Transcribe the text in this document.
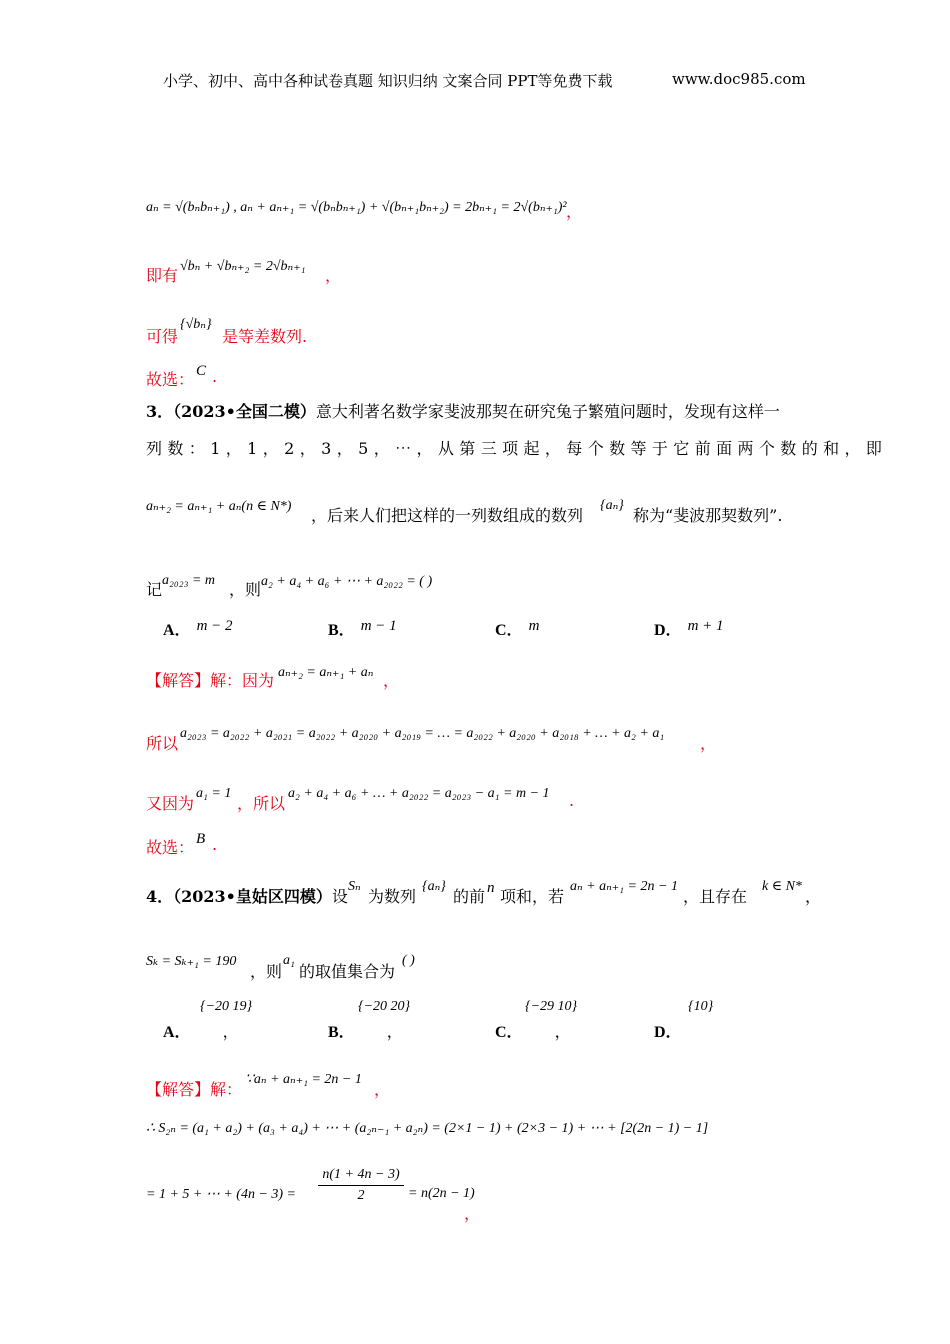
小学、初中、高中各种试卷真题 知识归纳 文案合同 PPT等免费下载	www.doc985.com
aₙ = √(bₙbₙ₊₁) , aₙ + aₙ₊₁ = √(bₙbₙ₊₁) + √(bₙ₊₁bₙ₊₂) = 2bₙ₊₁ = 2√(bₙ₊₁)² ，
即有 √bₙ + √bₙ₊₂ = 2√bₙ₊₁ ，
可得
{√bₙ}
是等差数列.
故选： C .
3．（2023•全国二模）意大利著名数学家斐波那契在研究兔子繁殖问题时，发现有这样一
列数：1，1，2，3，5，⋯，从第三项起，每个数等于它前面两个数的和，即
aₙ₊₂ = aₙ₊₁ + aₙ(n ∈ N*) ，后来人们把这样的一列数组成的数列
{aₙ}
称为“斐波那契数列”.
记 a₂₀₂₃ = m ，则 a₂ + a₄ + a₆ + ⋯ + a₂₀₂₂ = ( )
A． m − 2	B． m − 1	C． m	D． m + 1
【解答】解：因为 aₙ₊₂ = aₙ₊₁ + aₙ ，
所以
a₂₀₂₃ = a₂₀₂₂ + a₂₀₂₁ = a₂₀₂₂ + a₂₀₂₀ + a₂₀₁₉ = … = a₂₀₂₂ + a₂₀₂₀ + a₂₀₁₈ + … + a₂ + a₁
，
又因为
a₁ = 1
，所以
a₂ + a₄ + a₆ + … + a₂₀₂₂ = a₂₀₂₃ − a₁ = m − 1 .
故选： B .
4．（2023•皇姑区四模）设
Sₙ
为数列
{aₙ}
的前 n 项和，若
aₙ + aₙ₊₁ = 2n − 1
，且存在
k ∈ N*
，
Sₖ = Sₖ₊₁ = 190
，则
a₁
的取值集合为
( )
{−20 19}
A．	，
{−20 20}
B．	，
{−29 10}
C．	，
{10}
D．
【解答】解：
∵aₙ + aₙ₊₁ = 2n − 1
，
∴ S₂ₙ = (a₁ + a₂) + (a₃ + a₄) + ⋯ + (a₂ₙ₋₁ + a₂ₙ) = (2×1 − 1) + (2×3 − 1) + ⋯ + [2(2n − 1) − 1]
= 1 + 5 + ⋯ + (4n − 3) =
n(1 + 4n − 3)
2	= n(2n − 1)
，
